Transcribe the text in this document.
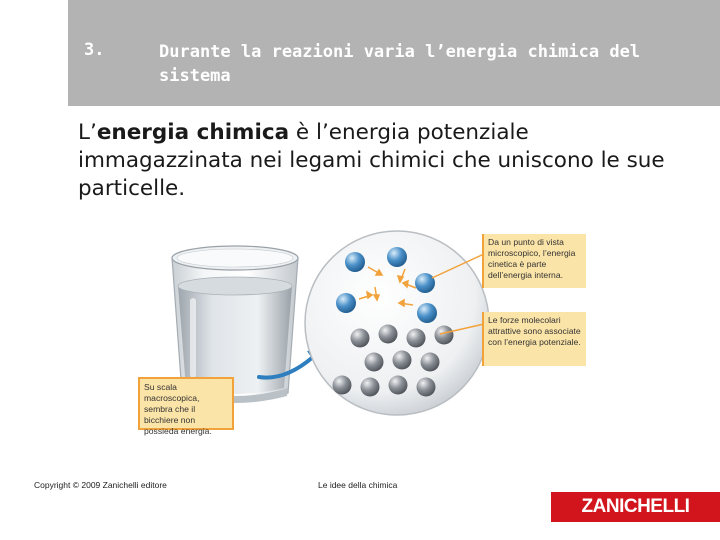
3.	Durante la reazioni varia l’energia chimica del sistema

L’energia chimica è l’energia potenziale immagazzinata nei legami chimici che uniscono le sue particelle.

Su scala macroscopica, sembra che il bicchiere non possieda energia.
Da un punto di vista microscopico, l’energia cinetica è parte dell’energia interna.
Le forze molecolari attrattive sono associate con l’energia potenziale.
Copyright © 2009 Zanichelli editore	Le idee della chimica
ZANICHELLI
